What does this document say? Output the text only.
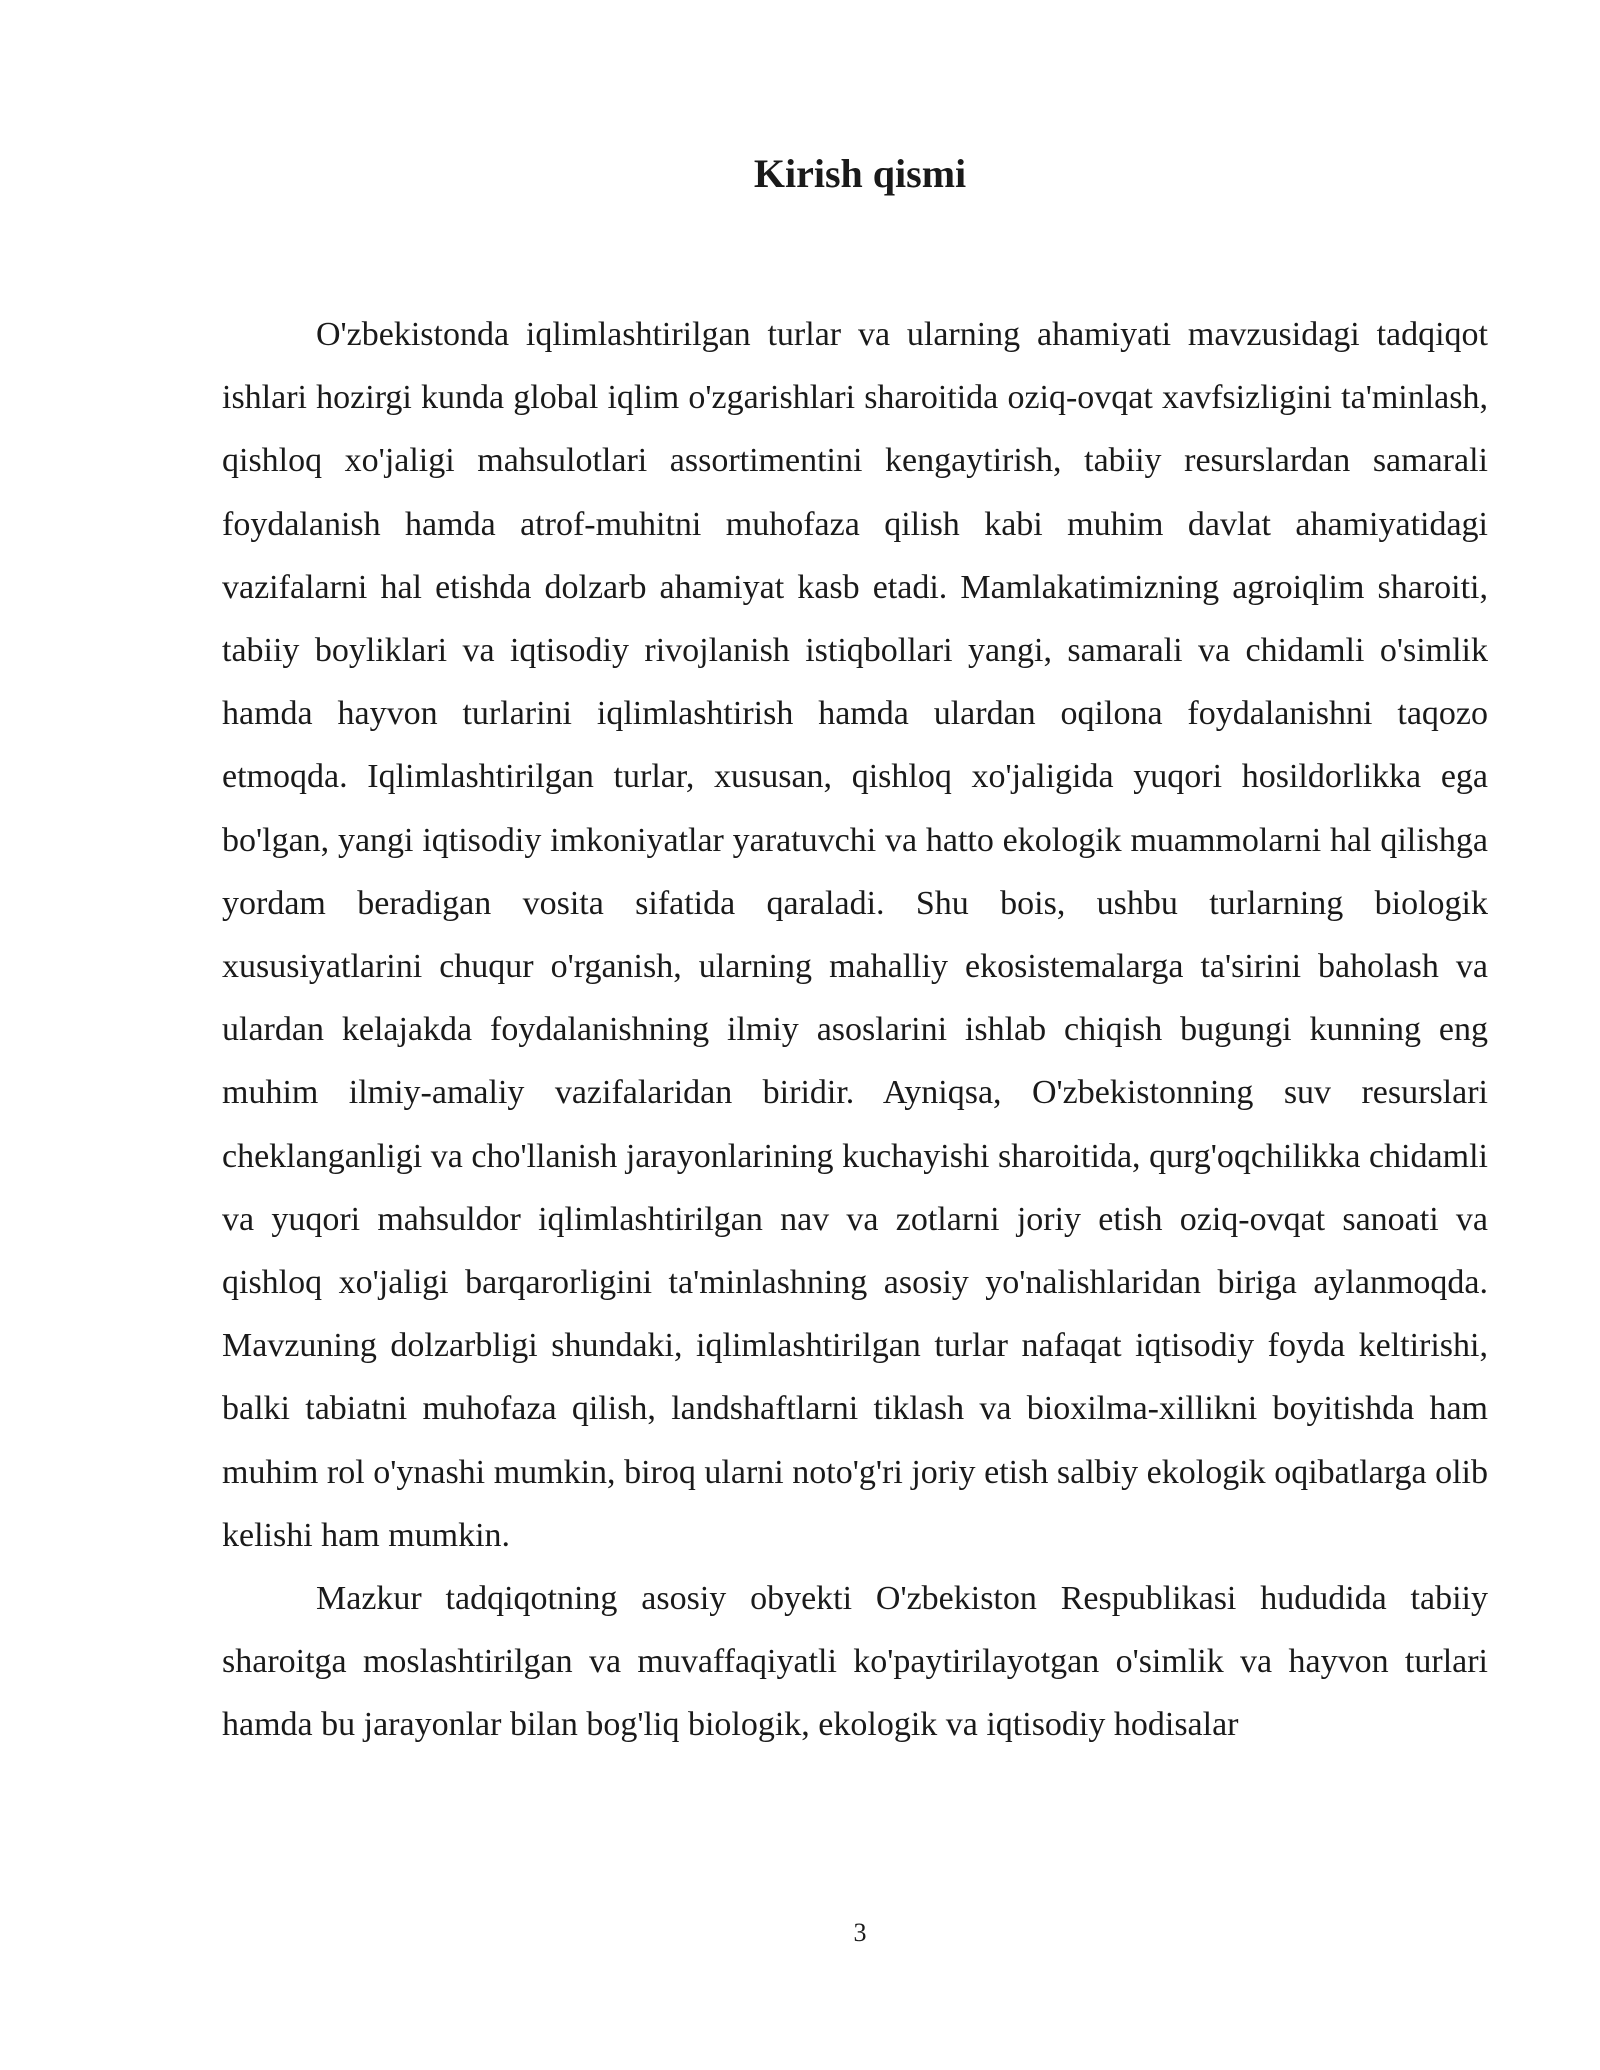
Kirish qismi

O'zbekistonda iqlimlashtirilgan turlar va ularning ahamiyati mavzusidagi tadqiqot ishlari hozirgi kunda global iqlim o'zgarishlari sharoitida oziq-ovqat xavfsizligini ta'minlash, qishloq xo'jaligi mahsulotlari assortimentini kengaytirish, tabiiy resurslardan samarali foydalanish hamda atrof-muhitni muhofaza qilish kabi muhim davlat ahamiyatidagi vazifalarni hal etishda dolzarb ahamiyat kasb etadi. Mamlakatimizning agroiqlim sharoiti, tabiiy boyliklari va iqtisodiy rivojlanish istiqbollari yangi, samarali va chidamli o'simlik hamda hayvon turlarini iqlimlashtirish hamda ulardan oqilona foydalanishni taqozo etmoqda. Iqlimlashtirilgan turlar, xususan, qishloq xo'jaligida yuqori hosildorlikka ega bo'lgan, yangi iqtisodiy imkoniyatlar yaratuvchi va hatto ekologik muammolarni hal qilishga yordam beradigan vosita sifatida qaraladi. Shu bois, ushbu turlarning biologik xususiyatlarini chuqur o'rganish, ularning mahalliy ekosistemalarga ta'sirini baholash va ulardan kelajakda foydalanishning ilmiy asoslarini ishlab chiqish bugungi kunning eng muhim ilmiy-amaliy vazifalaridan biridir. Ayniqsa, O'zbekistonning suv resurslari cheklanganligi va cho'llanish jarayonlarining kuchayishi sharoitida, qurg'oqchilikka chidamli va yuqori mahsuldor iqlimlashtirilgan nav va zotlarni joriy etish oziq-ovqat sanoati va qishloq xo'jaligi barqarorligini ta'minlashning asosiy yo'nalishlaridan biriga aylanmoqda. Mavzuning dolzarbligi shundaki, iqlimlashtirilgan turlar nafaqat iqtisodiy foyda keltirishi, balki tabiatni muhofaza qilish, landshaftlarni tiklash va bioxilma-xillikni boyitishda ham muhim rol o'ynashi mumkin, biroq ularni noto'g'ri joriy etish salbiy ekologik oqibatlarga olib kelishi ham mumkin.

Mazkur tadqiqotning asosiy obyekti O'zbekiston Respublikasi hududida tabiiy sharoitga moslashtirilgan va muvaffaqiyatli ko'paytirilayotgan o'simlik va hayvon turlari hamda bu jarayonlar bilan bog'liq biologik, ekologik va iqtisodiy hodisalar

3
